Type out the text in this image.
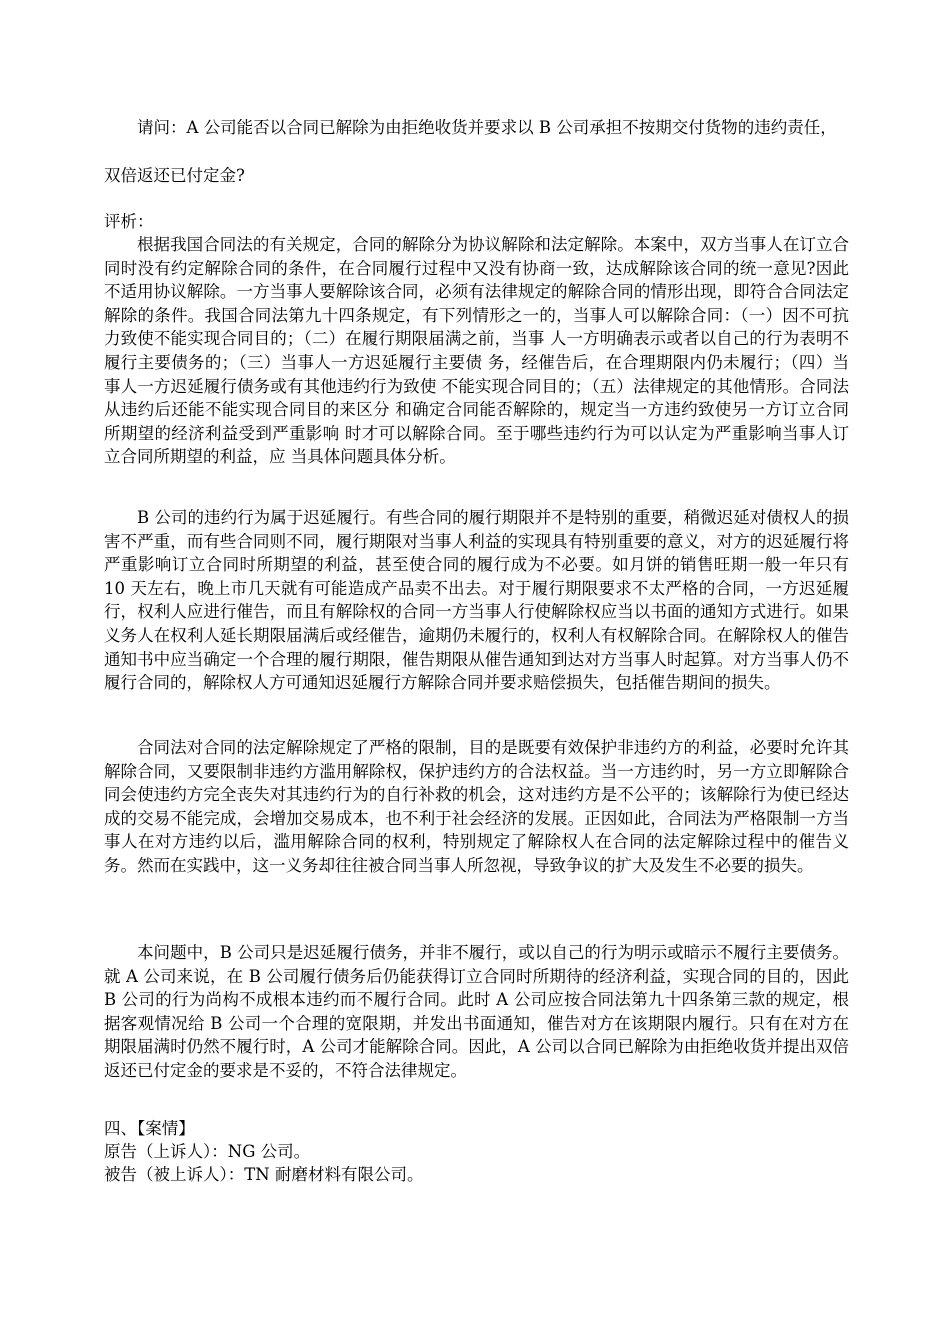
请问：A 公司能否以合同已解除为由拒绝收货并要求以 B 公司承担不按期交付货物的违约责任，双倍返还已付定金?

评析：

根据我国合同法的有关规定，合同的解除分为协议解除和法定解除。本案中，双方当事人在订立合同时没有约定解除合同的条件，在合同履行过程中又没有协商一致，达成解除该合同的统一意见?因此不适用协议解除。一方当事人要解除该合同，必须有法律规定的解除合同的情形出现，即符合合同法定解除的条件。我国合同法第九十四条规定，有下列情形之一的，当事人可以解除合同：（一）因不可抗力致使不能实现合同目的；（二）在履行期限届满之前，当事 人一方明确表示或者以自己的行为表明不履行主要债务的；（三）当事人一方迟延履行主要债 务，经催告后，在合理期限内仍未履行；（四）当事人一方迟延履行债务或有其他违约行为致使 不能实现合同目的；（五）法律规定的其他情形。合同法从违约后还能不能实现合同目的来区分 和确定合同能否解除的，规定当一方违约致使另一方订立合同所期望的经济利益受到严重影响 时才可以解除合同。至于哪些违约行为可以认定为严重影响当事人订立合同所期望的利益，应 当具体问题具体分析。

B 公司的违约行为属于迟延履行。有些合同的履行期限并不是特别的重要，稍微迟延对债权人的损害不严重，而有些合同则不同，履行期限对当事人利益的实现具有特别重要的意义，对方的迟延履行将严重影响订立合同时所期望的利益，甚至使合同的履行成为不必要。如月饼的销售旺期一般一年只有 10 天左右，晚上市几天就有可能造成产品卖不出去。对于履行期限要求不太严格的合同，一方迟延履行，权利人应进行催告，而且有解除权的合同一方当事人行使解除权应当以书面的通知方式进行。如果义务人在权利人延长期限届满后或经催告，逾期仍未履行的，权利人有权解除合同。在解除权人的催告通知书中应当确定一个合理的履行期限，催告期限从催告通知到达对方当事人时起算。对方当事人仍不履行合同的，解除权人方可通知迟延履行方解除合同并要求赔偿损失，包括催告期间的损失。

合同法对合同的法定解除规定了严格的限制，目的是既要有效保护非违约方的利益，必要时允许其解除合同，又要限制非违约方滥用解除权，保护违约方的合法权益。当一方违约时，另一方立即解除合同会使违约方完全丧失对其违约行为的自行补救的机会，这对违约方是不公平的；该解除行为使已经达成的交易不能完成，会增加交易成本，也不利于社会经济的发展。正因如此，合同法为严格限制一方当事人在对方违约以后，滥用解除合同的权利，特别规定了解除权人在合同的法定解除过程中的催告义务。然而在实践中，这一义务却往往被合同当事人所忽视，导致争议的扩大及发生不必要的损失。

本问题中，B 公司只是迟延履行债务，并非不履行，或以自己的行为明示或暗示不履行主要债务。就 A 公司来说，在 B 公司履行债务后仍能获得订立合同时所期待的经济利益，实现合同的目的，因此 B 公司的行为尚构不成根本违约而不履行合同。此时 A 公司应按合同法第九十四条第三款的规定，根据客观情况给 B 公司一个合理的宽限期，并发出书面通知，催告对方在该期限内履行。只有在对方在期限届满时仍然不履行时，A 公司才能解除合同。因此，A 公司以合同已解除为由拒绝收货并提出双倍返还已付定金的要求是不妥的，不符合法律规定。

四、【案情】

原告（上诉人）：NG 公司。

被告（被上诉人）：TN 耐磨材料有限公司。
